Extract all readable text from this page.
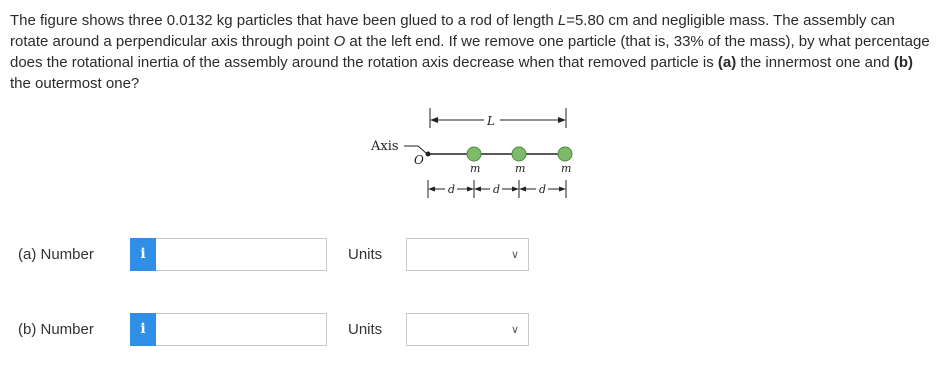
The figure shows three 0.0132 kg particles that have been glued to a rod of length L=5.80 cm and negligible mass. The assembly can rotate around a perpendicular axis through point O at the left end. If we remove one particle (that is, 33% of the mass), by what percentage does the rotational inertia of the assembly around the rotation axis decrease when that removed particle is (a) the innermost one and (b) the outermost one?
L
Axis
O
m	m	m
d	d	d
(a) Number	i	Units	∨
(b) Number	i	Units	∨
